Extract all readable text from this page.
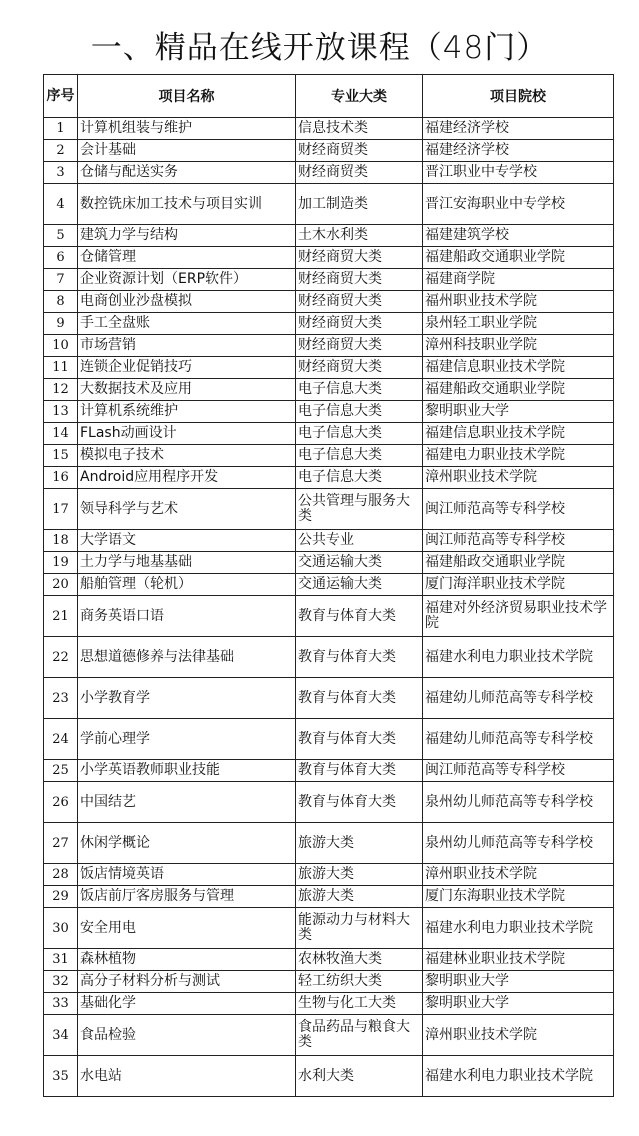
一、精品在线开放课程（48门）
序号	项目名称	专业大类	项目院校
1	计算机组装与维护	信息技术类	福建经济学校
2	会计基础	财经商贸类	福建经济学校
3	仓储与配送实务	财经商贸类	晋江职业中专学校
4	数控铣床加工技术与项目实训	加工制造类	晋江安海职业中专学校
5	建筑力学与结构	土木水利类	福建建筑学校
6	仓储管理	财经商贸大类	福建船政交通职业学院
7	企业资源计划（ERP软件）	财经商贸大类	福建商学院
8	电商创业沙盘模拟	财经商贸大类	福州职业技术学院
9	手工全盘账	财经商贸大类	泉州轻工职业学院
10	市场营销	财经商贸大类	漳州科技职业学院
11	连锁企业促销技巧	财经商贸大类	福建信息职业技术学院
12	大数据技术及应用	电子信息大类	福建船政交通职业学院
13	计算机系统维护	电子信息大类	黎明职业大学
14	FLash动画设计	电子信息大类	福建信息职业技术学院
15	模拟电子技术	电子信息大类	福建电力职业技术学院
16	Android应用程序开发	电子信息大类	漳州职业技术学院
17	领导科学与艺术	公共管理与服务大类	闽江师范高等专科学校
18	大学语文	公共专业	闽江师范高等专科学校
19	土力学与地基基础	交通运输大类	福建船政交通职业学院
20	船舶管理（轮机）	交通运输大类	厦门海洋职业技术学院
21	商务英语口语	教育与体育大类	福建对外经济贸易职业技术学院
22	思想道德修养与法律基础	教育与体育大类	福建水利电力职业技术学院
23	小学教育学	教育与体育大类	福建幼儿师范高等专科学校
24	学前心理学	教育与体育大类	福建幼儿师范高等专科学校
25	小学英语教师职业技能	教育与体育大类	闽江师范高等专科学校
26	中国结艺	教育与体育大类	泉州幼儿师范高等专科学校
27	休闲学概论	旅游大类	泉州幼儿师范高等专科学校
28	饭店情境英语	旅游大类	漳州职业技术学院
29	饭店前厅客房服务与管理	旅游大类	厦门东海职业技术学院
30	安全用电	能源动力与材料大类	福建水利电力职业技术学院
31	森林植物	农林牧渔大类	福建林业职业技术学院
32	高分子材料分析与测试	轻工纺织大类	黎明职业大学
33	基础化学	生物与化工大类	黎明职业大学
34	食品检验	食品药品与粮食大类	漳州职业技术学院
35	水电站	水利大类	福建水利电力职业技术学院
